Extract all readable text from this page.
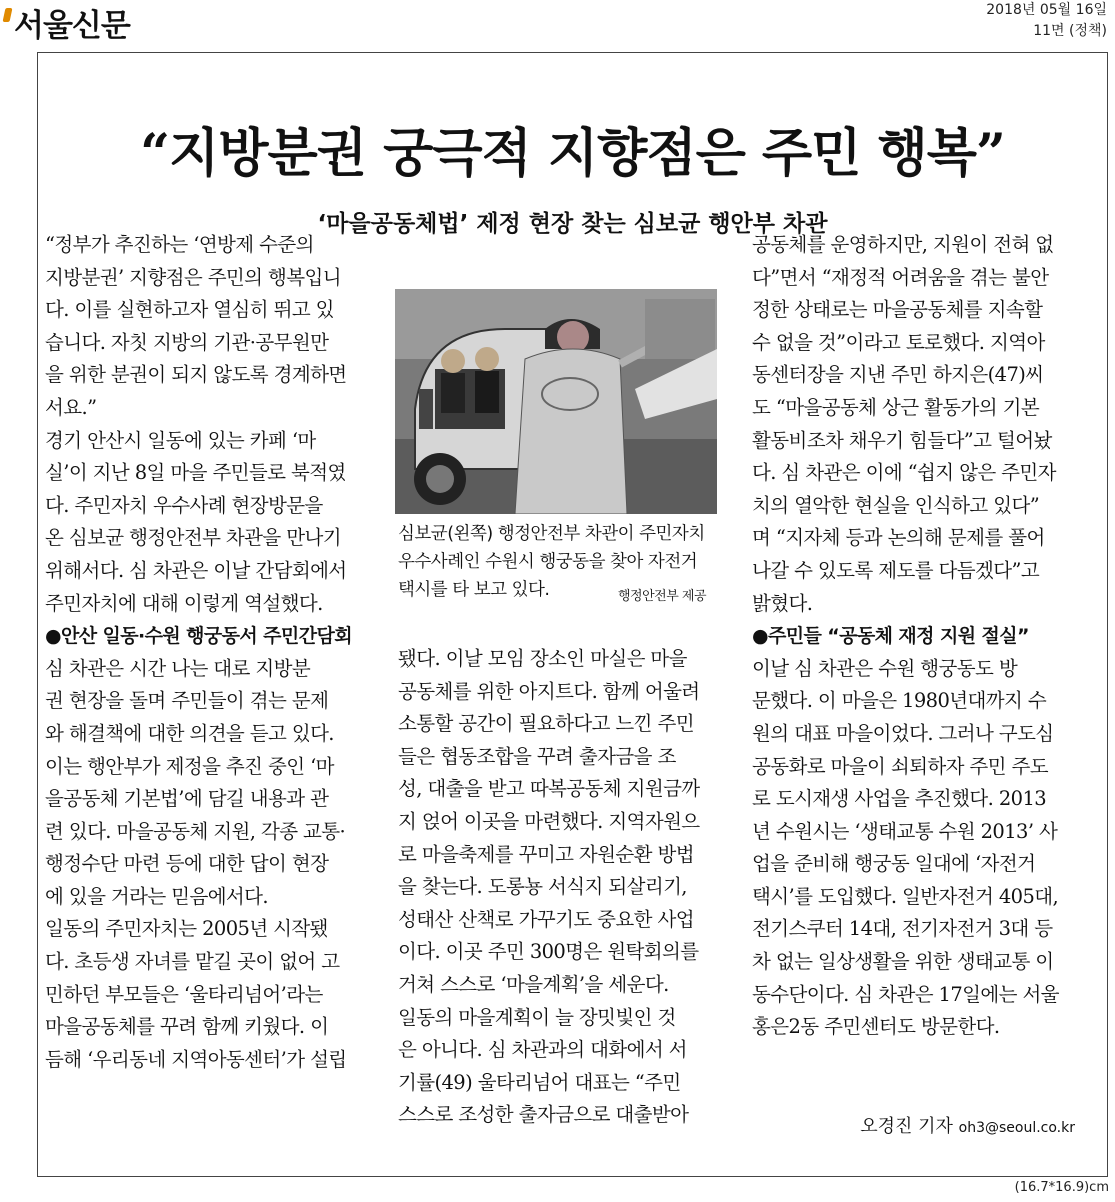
서울신문	2018년 05월 16일
11면 (정책)
“지방분권 궁극적 지향점은 주민 행복”
‘마을공동체법’ 제정 현장 찾는 심보균 행안부 차관
“정부가 추진하는 ‘연방제 수준의
지방분권’ 지향점은 주민의 행복입니
다. 이를 실현하고자 열심히 뛰고 있
습니다. 자칫 지방의 기관·공무원만
을 위한 분권이 되지 않도록 경계하면
서요.”
경기 안산시 일동에 있는 카페 ‘마
실’이 지난 8일 마을 주민들로 북적였
다. 주민자치 우수사례 현장방문을
온 심보균 행정안전부 차관을 만나기
위해서다. 심 차관은 이날 간담회에서
주민자치에 대해 이렇게 역설했다.
●안산 일동·수원 행궁동서 주민간담회
심 차관은 시간 나는 대로 지방분
권 현장을 돌며 주민들이 겪는 문제
와 해결책에 대한 의견을 듣고 있다.
이는 행안부가 제정을 추진 중인 ‘마
을공동체 기본법’에 담길 내용과 관
련 있다. 마을공동체 지원, 각종 교통·
행정수단 마련 등에 대한 답이 현장
에 있을 거라는 믿음에서다.
일동의 주민자치는 2005년 시작됐
다. 초등생 자녀를 맡길 곳이 없어 고
민하던 부모들은 ‘울타리넘어’라는
마을공동체를 꾸려 함께 키웠다. 이
듬해 ‘우리동네 지역아동센터’가 설립
심보균(왼쪽) 행정안전부 차관이 주민자치
우수사례인 수원시 행궁동을 찾아 자전거
택시를 타 보고 있다.	행정안전부 제공
됐다. 이날 모임 장소인 마실은 마을
공동체를 위한 아지트다. 함께 어울려
소통할 공간이 필요하다고 느낀 주민
들은 협동조합을 꾸려 출자금을 조
성, 대출을 받고 따복공동체 지원금까
지 얹어 이곳을 마련했다. 지역자원으
로 마을축제를 꾸미고 자원순환 방법
을 찾는다. 도롱뇽 서식지 되살리기,
성태산 산책로 가꾸기도 중요한 사업
이다. 이곳 주민 300명은 원탁회의를
거쳐 스스로 ‘마을계획’을 세운다.
일동의 마을계획이 늘 장밋빛인 것
은 아니다. 심 차관과의 대화에서 서
기률(49) 울타리넘어 대표는 “주민
스스로 조성한 출자금으로 대출받아
공동체를 운영하지만, 지원이 전혀 없
다”면서 “재정적 어려움을 겪는 불안
정한 상태로는 마을공동체를 지속할
수 없을 것”이라고 토로했다. 지역아
동센터장을 지낸 주민 하지은(47)씨
도 “마을공동체 상근 활동가의 기본
활동비조차 채우기 힘들다”고 털어놨
다. 심 차관은 이에 “쉽지 않은 주민자
치의 열악한 현실을 인식하고 있다”
며 “지자체 등과 논의해 문제를 풀어
나갈 수 있도록 제도를 다듬겠다”고
밝혔다.
●주민들 “공동체 재정 지원 절실”
이날 심 차관은 수원 행궁동도 방
문했다. 이 마을은 1980년대까지 수
원의 대표 마을이었다. 그러나 구도심
공동화로 마을이 쇠퇴하자 주민 주도
로 도시재생 사업을 추진했다. 2013
년 수원시는 ‘생태교통 수원 2013’ 사
업을 준비해 행궁동 일대에 ‘자전거
택시’를 도입했다. 일반자전거 405대,
전기스쿠터 14대, 전기자전거 3대 등
차 없는 일상생활을 위한 생태교통 이
동수단이다. 심 차관은 17일에는 서울
홍은2동 주민센터도 방문한다.
오경진 기자 oh3@seoul.co.kr
(16.7*16.9)cm
